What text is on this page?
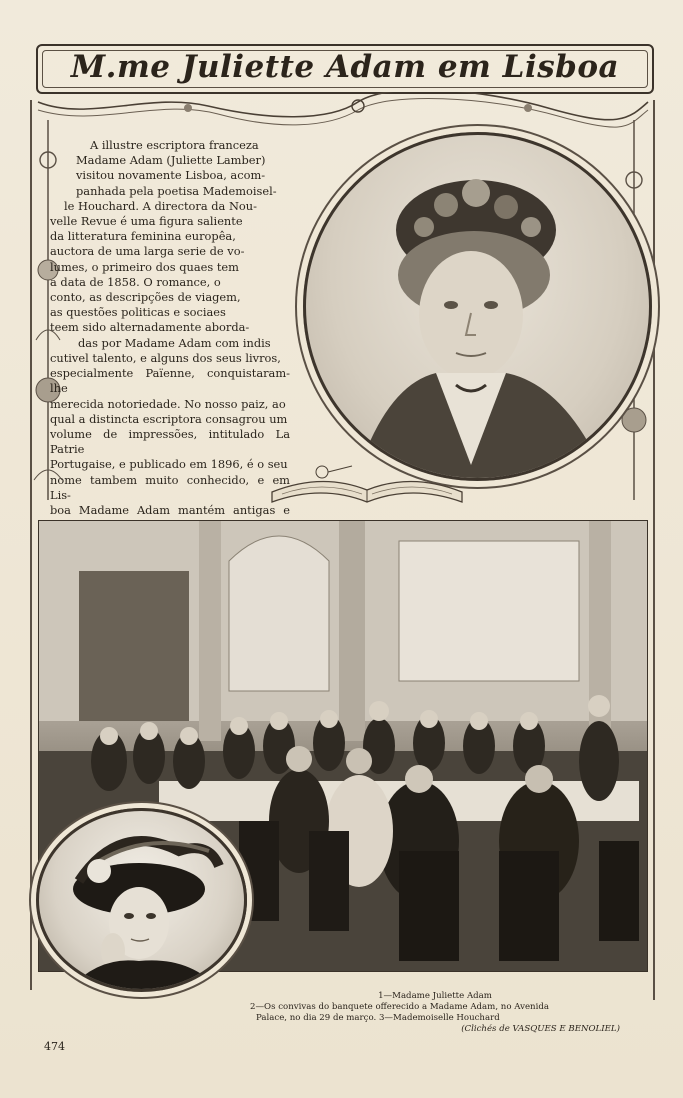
M.me Juliette Adam em Lisboa
A illustre escriptora franceza
Madame Adam (Juliette Lamber)
visitou novamente Lisboa, acom-
panhada pela poetisa Mademoisel-
le Houchard. A directora da Nou-
velle Revue é uma figura saliente
da litteratura feminina europêa,
auctora de uma larga serie de vo-
lumes, o primeiro dos quaes tem
a data de 1858. O romance, o
conto, as descripções de viagem,
as questões politicas e sociaes
teem sido alternadamente aborda-
das por Madame Adam com indis
cutivel talento, e alguns dos seus livros,
especialmente Païenne, conquistaram-lhe
merecida notoriedade. No nosso paiz, ao
qual a distincta escriptora consagrou um
volume de impressões, intitulado La Patrie
Portugaise, e publicado em 1896, é o seu
nome tambem muito conhecido, e em Lis-
boa Madame Adam mantém antigas e
1—Madame Juliette Adam
2—Os convivas do banquete offerecido a Madame Adam, no Avenida
Palace, no dia 29 de março. 3—Mademoiselle Houchard
(Clichés de VASQUES E BENOLIEL)
474
